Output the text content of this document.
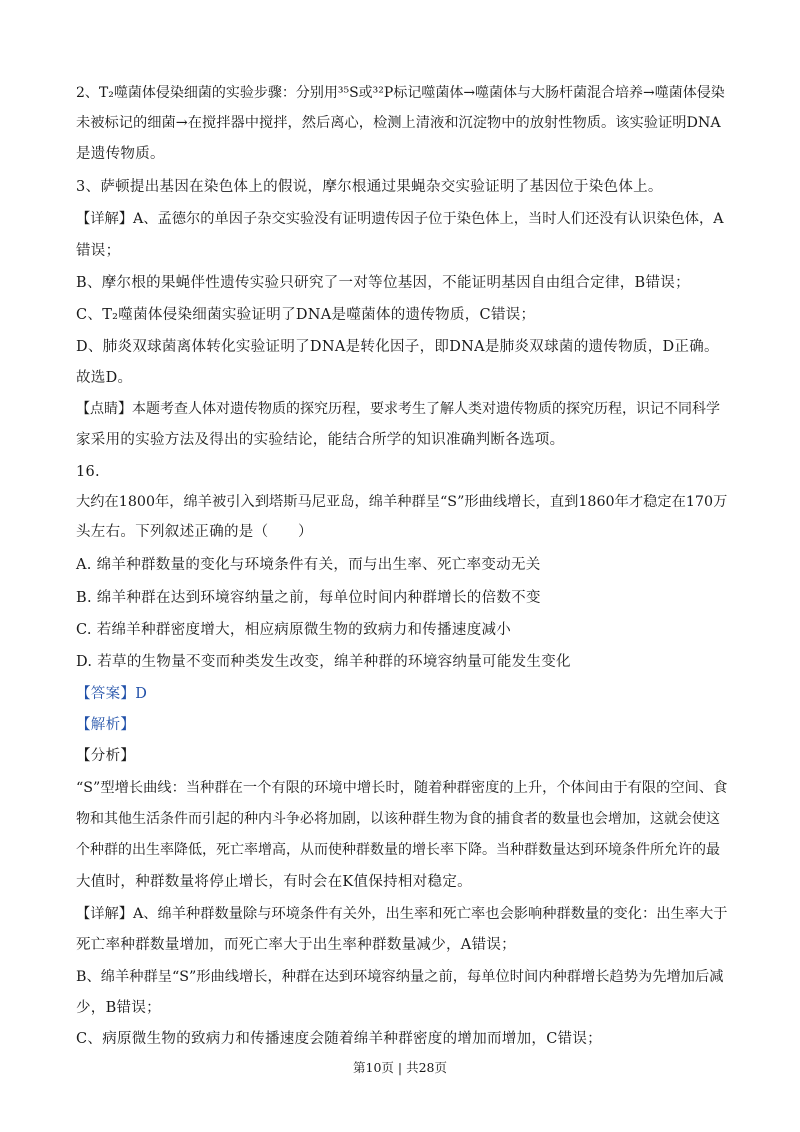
2、T₂噬菌体侵染细菌的实验步骤：分别用³⁵S或³²P标记噬菌体→噬菌体与大肠杆菌混合培养→噬菌体侵染
未被标记的细菌→在搅拌器中搅拌，然后离心，检测上清液和沉淀物中的放射性物质。该实验证明DNA
是遗传物质。
3、萨顿提出基因在染色体上的假说，摩尔根通过果蝇杂交实验证明了基因位于染色体上。
【详解】A、孟德尔的单因子杂交实验没有证明遗传因子位于染色体上，当时人们还没有认识染色体，A
错误；
B、摩尔根的果蝇伴性遗传实验只研究了一对等位基因，不能证明基因自由组合定律，B错误；
C、T₂噬菌体侵染细菌实验证明了DNA是噬菌体的遗传物质，C错误；
D、肺炎双球菌离体转化实验证明了DNA是转化因子，即DNA是肺炎双球菌的遗传物质，D正确。
故选D。
【点睛】本题考查人体对遗传物质的探究历程，要求考生了解人类对遗传物质的探究历程，识记不同科学
家采用的实验方法及得出的实验结论，能结合所学的知识准确判断各选项。
16.
大约在1800年，绵羊被引入到塔斯马尼亚岛，绵羊种群呈“S”形曲线增长，直到1860年才稳定在170万
头左右。下列叙述正确的是（　　）
A. 绵羊种群数量的变化与环境条件有关，而与出生率、死亡率变动无关
B. 绵羊种群在达到环境容纳量之前，每单位时间内种群增长的倍数不变
C. 若绵羊种群密度增大，相应病原微生物的致病力和传播速度减小
D. 若草的生物量不变而种类发生改变，绵羊种群的环境容纳量可能发生变化
【答案】D
【解析】
【分析】
“S”型增长曲线：当种群在一个有限的环境中增长时，随着种群密度的上升，个体间由于有限的空间、食
物和其他生活条件而引起的种内斗争必将加剧，以该种群生物为食的捕食者的数量也会增加，这就会使这
个种群的出生率降低，死亡率增高，从而使种群数量的增长率下降。当种群数量达到环境条件所允许的最
大值时，种群数量将停止增长，有时会在K值保持相对稳定。
【详解】A、绵羊种群数量除与环境条件有关外，出生率和死亡率也会影响种群数量的变化：出生率大于
死亡率种群数量增加，而死亡率大于出生率种群数量减少，A错误；
B、绵羊种群呈“S”形曲线增长，种群在达到环境容纳量之前，每单位时间内种群增长趋势为先增加后减
少，B错误；
C、病原微生物的致病力和传播速度会随着绵羊种群密度的增加而增加，C错误；
第10页 | 共28页
